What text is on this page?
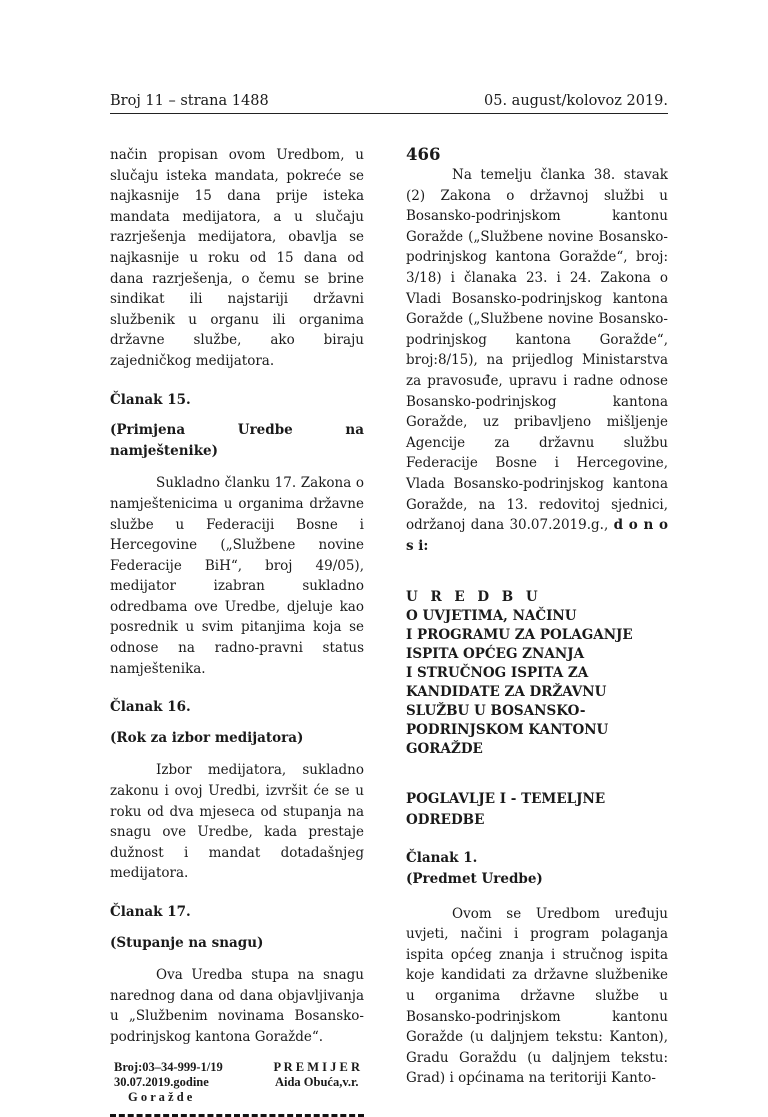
Broj 11 – strana 1488	05. august/kolovoz 2019.

način propisan ovom Uredbom, u slučaju isteka mandata, pokreće se najkasnije 15 dana prije isteka mandata medijatora, a u slučaju razrješenja medijatora, obavlja se najkasnije u roku od 15 dana od dana razrješenja, o čemu se brine sindikat ili najstariji državni službenik u organu ili organima državne službe, ako biraju zajedničkog medijatora.

Članak 15.

(Primjena Uredbe na namještenike)

Sukladno članku 17. Zakona o namještenicima u organima državne službe u Federaciji Bosne i Hercegovine („Službene novine Federacije BiH“, broj 49/05), medijator izabran sukladno odredbama ove Uredbe, djeluje kao posrednik u svim pitanjima koja se odnose na radno-pravni status namještenika.

Članak 16.

(Rok za izbor medijatora)

Izbor medijatora, sukladno zakonu i ovoj Uredbi, izvršit će se u roku od dva mjeseca od stupanja na snagu ove Uredbe, kada prestaje dužnost i mandat dotadašnjeg medijatora.

Članak 17.

(Stupanje na snagu)

Ova Uredba stupa na snagu narednog dana od dana objavljivanja u „Službenim novinama Bosansko-podrinjskog kantona Goražde“.

Broj:03–34-999-1/19
30.07.2019.godine
G o r a ž d e
P R E M I J E R
Aida Obuća,v.r.

466

Na temelju članka 38. stavak (2) Zakona o državnoj službi u Bosansko-podrinjskom kantonu Goražde („Službene novine Bosansko-podrinjskog kantona Goražde“, broj: 3/18) i članaka 23. i 24. Zakona o Vladi Bosansko-podrinjskog kantona Goražde („Službene novine Bosansko-podrinjskog kantona Goražde“, broj:8/15), na prijedlog Ministarstva za pravosuđe, upravu i radne odnose Bosansko-podrinjskog kantona Goražde, uz pribavljeno mišljenje Agencije za državnu službu Federacije Bosne i Hercegovine, Vlada Bosansko-podrinjskog kantona Goražde, na 13. redovitoj sjednici, održanoj dana 30.07.2019.g., d o n o s i:

U R E D B U

O UVJETIMA, NAČINU

I PROGRAMU ZA POLAGANJE

ISPITA OPĆEG ZNANJA

I STRUČNOG ISPITA ZA

KANDIDATE ZA DRŽAVNU

SLUŽBU U BOSANSKO-

PODRINJSKOM KANTONU

GORAŽDE

POGLAVLJE I - TEMELJNE ODREDBE

Članak 1.

(Predmet Uredbe)

Ovom se Uredbom uređuju uvjeti, načini i program polaganja ispita općeg znanja i stručnog ispita koje kandidati za državne službenike u organima državne službe u Bosansko-podrinjskom kantonu Goražde (u daljnjem tekstu: Kanton), Gradu Goraždu (u daljnjem tekstu: Grad) i općinama na teritoriji Kanto-
